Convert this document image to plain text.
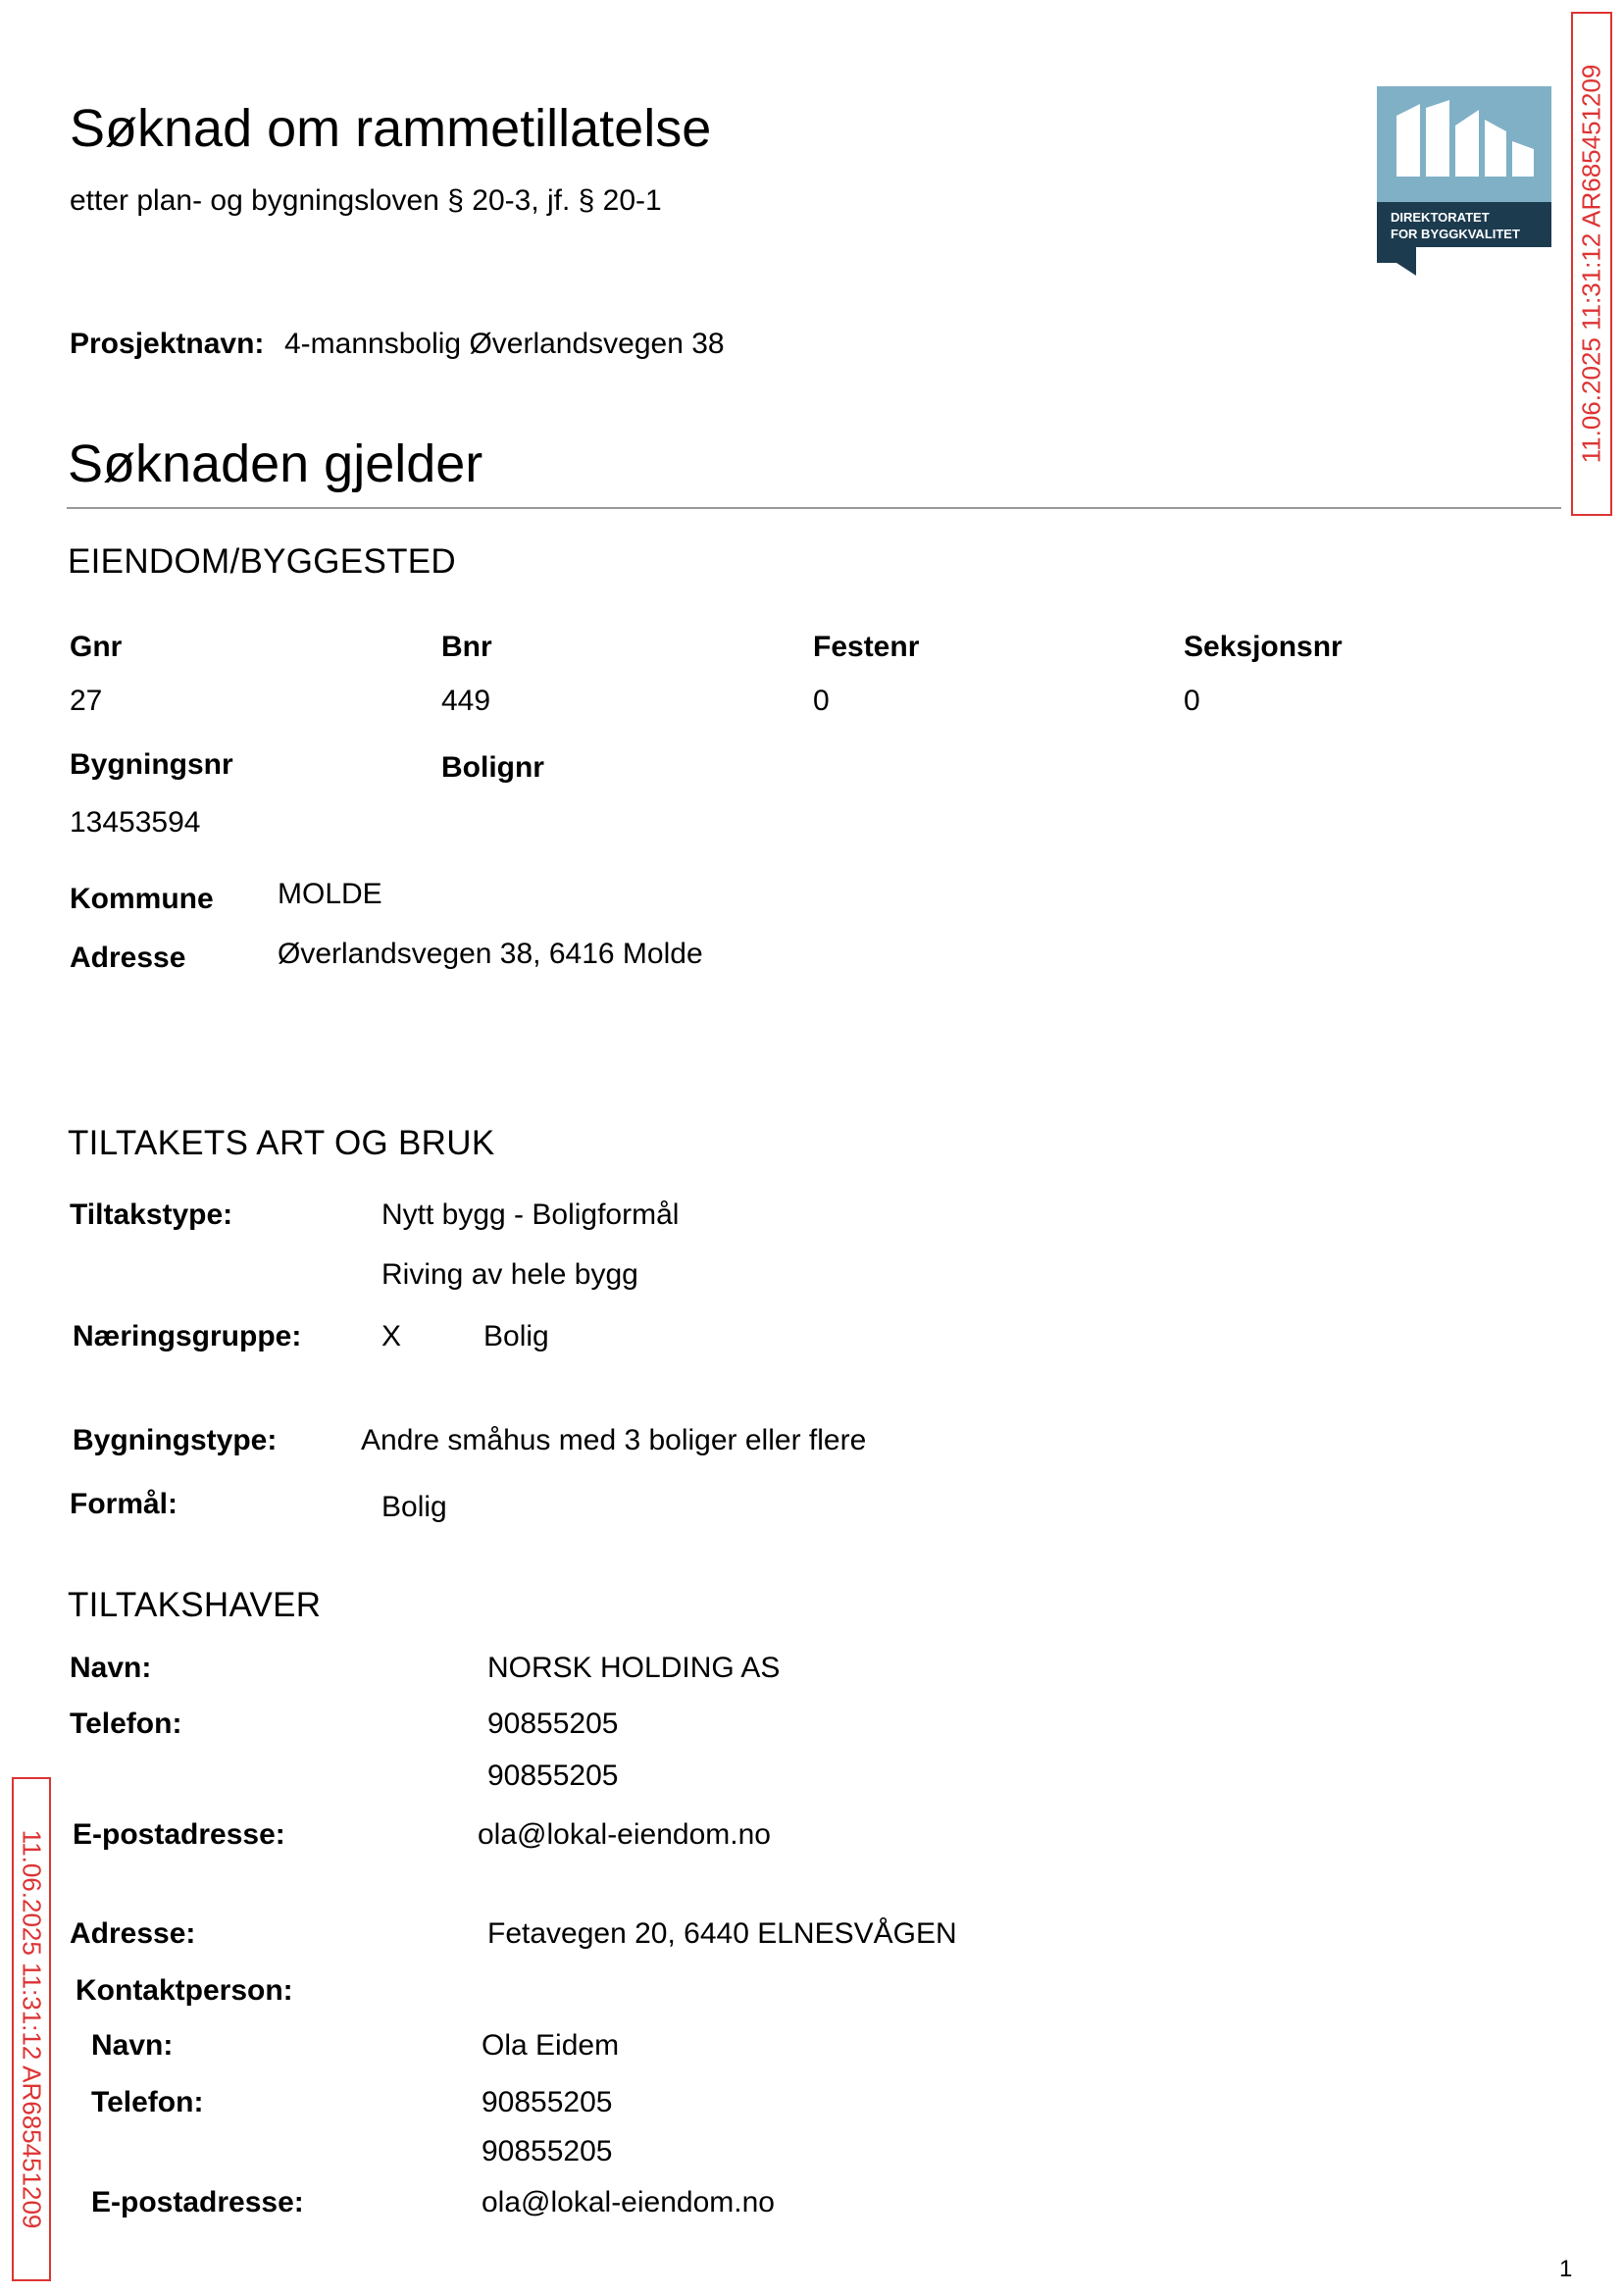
Søknad om rammetillatelse
etter plan- og bygningsloven § 20-3, jf. § 20-1
DIREKTORATET
FOR BYGGKVALITET 11.06.2025 11:31:12 AR685451209
11.06.2025 11:31:12 AR685451209
Prosjektnavn: 4-mannsbolig Øverlandsvegen 38
Søknaden gjelder
EIENDOM/BYGGESTED
Gnr	Bnr	Festenr	Seksjonsnr
27	449	0	0
Bygningsnr	Bolignr
13453594
Kommune MOLDE
Adresse	Øverlandsvegen 38, 6416 Molde
TILTAKETS ART OG BRUK
Tiltakstype:	Nytt bygg - Boligformål
Riving av hele bygg
Næringsgruppe:	X	Bolig
Bygningstype:	Andre småhus med 3 boliger eller flere
Formål:	Bolig
TILTAKSHAVER
Navn:	NORSK HOLDING AS
Telefon:	90855205
90855205
E-postadresse:	ola@lokal-eiendom.no
Adresse:	Fetavegen 20, 6440 ELNESVÅGEN
Kontaktperson:
Navn:	Ola Eidem
Telefon:	90855205
90855205
E-postadresse:	ola@lokal-eiendom.no
1
